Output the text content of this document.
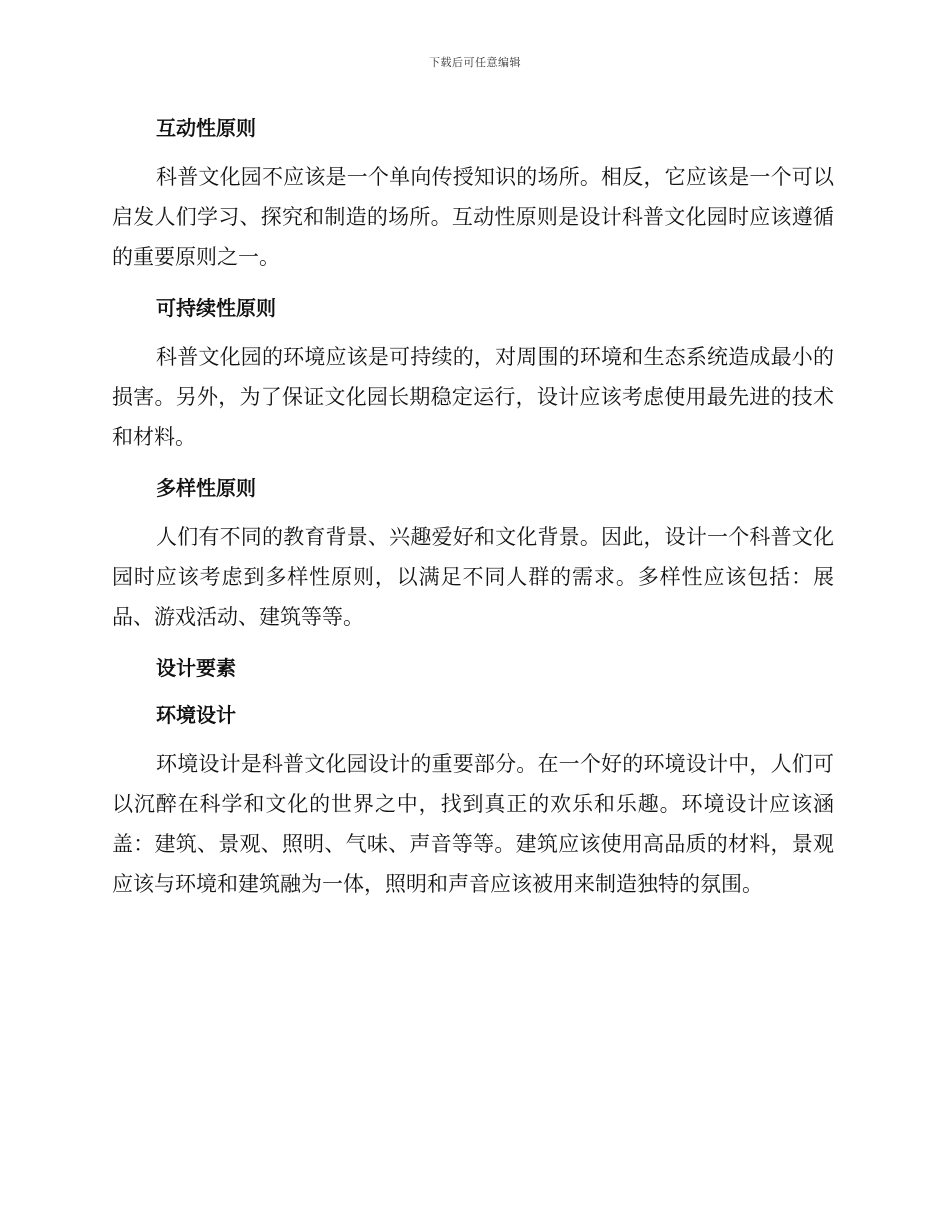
下载后可任意编辑
互动性原则

科普文化园不应该是一个单向传授知识的场所。相反，它应该是一个可以启发人们学习、探究和制造的场所。互动性原则是设计科普文化园时应该遵循的重要原则之一。

可持续性原则

科普文化园的环境应该是可持续的，对周围的环境和生态系统造成最小的损害。另外，为了保证文化园长期稳定运行，设计应该考虑使用最先进的技术和材料。

多样性原则

人们有不同的教育背景、兴趣爱好和文化背景。因此，设计一个科普文化园时应该考虑到多样性原则，以满足不同人群的需求。多样性应该包括：展品、游戏活动、建筑等等。

设计要素
环境设计

环境设计是科普文化园设计的重要部分。在一个好的环境设计中，人们可以沉醉在科学和文化的世界之中，找到真正的欢乐和乐趣。环境设计应该涵盖：建筑、景观、照明、气味、声音等等。建筑应该使用高品质的材料，景观应该与环境和建筑融为一体，照明和声音应该被用来制造独特的氛围。
